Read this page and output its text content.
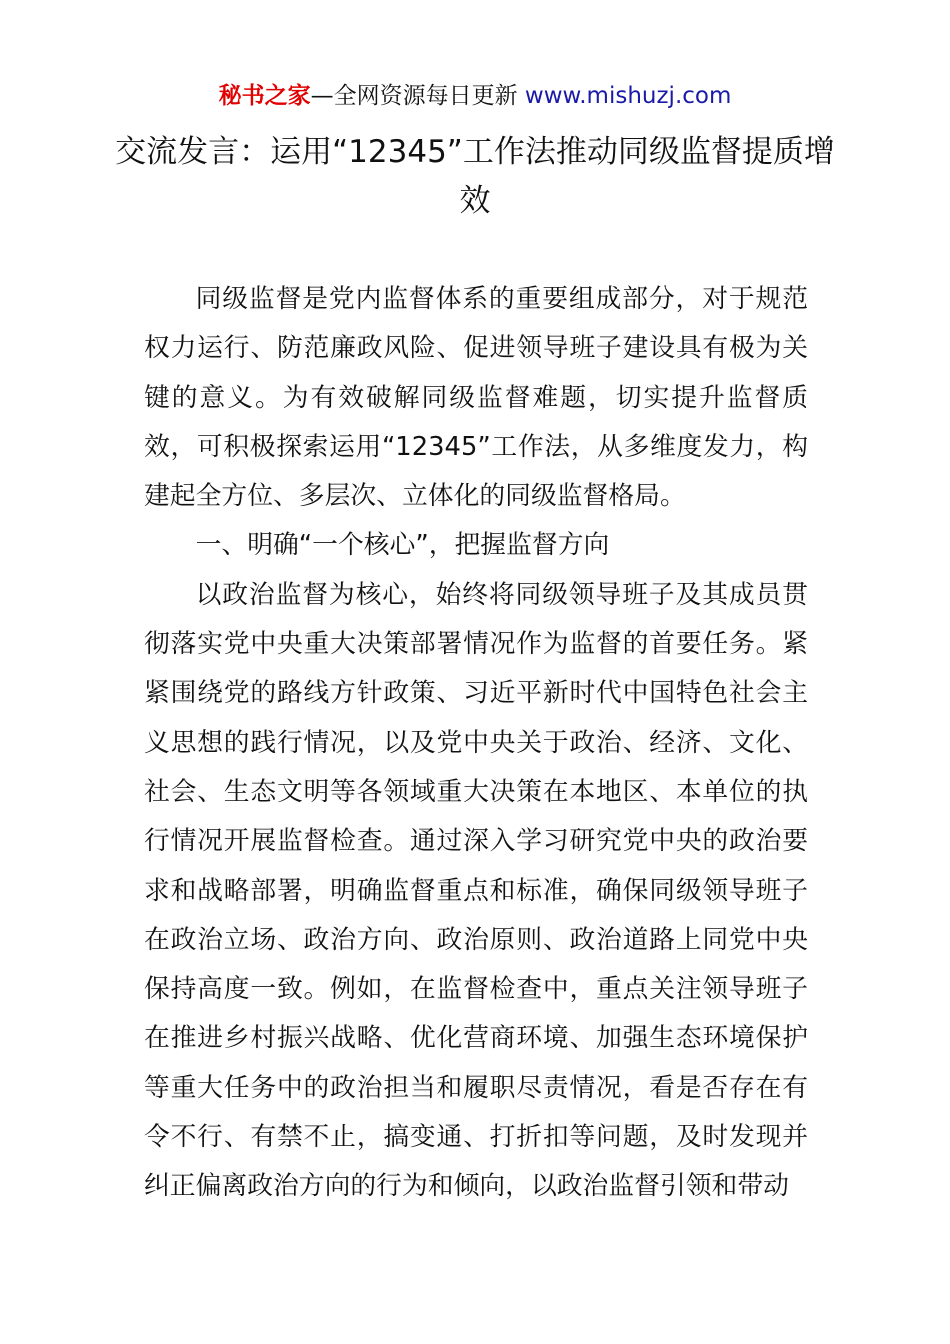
秘书之家—全网资源每日更新 www.mishuzj.com
交流发言：运用“12345”工作法推动同级监督提质增效

同级监督是党内监督体系的重要组成部分，对于规范权力运行、防范廉政风险、促进领导班子建设具有极为关键的意义。为有效破解同级监督难题，切实提升监督质效，可积极探索运用“12345”工作法，从多维度发力，构建起全方位、多层次、立体化的同级监督格局。

一、明确“一个核心”，把握监督方向

以政治监督为核心，始终将同级领导班子及其成员贯彻落实党中央重大决策部署情况作为监督的首要任务。紧紧围绕党的路线方针政策、习近平新时代中国特色社会主义思想的践行情况，以及党中央关于政治、经济、文化、社会、生态文明等各领域重大决策在本地区、本单位的执行情况开展监督检查。通过深入学习研究党中央的政治要求和战略部署，明确监督重点和标准，确保同级领导班子在政治立场、政治方向、政治原则、政治道路上同党中央保持高度一致。例如，在监督检查中，重点关注领导班子在推进乡村振兴战略、优化营商环境、加强生态环境保护等重大任务中的政治担当和履职尽责情况，看是否存在有令不行、有禁不止，搞变通、打折扣等问题，及时发现并纠正偏离政治方向的行为和倾向，以政治监督引领和带动
